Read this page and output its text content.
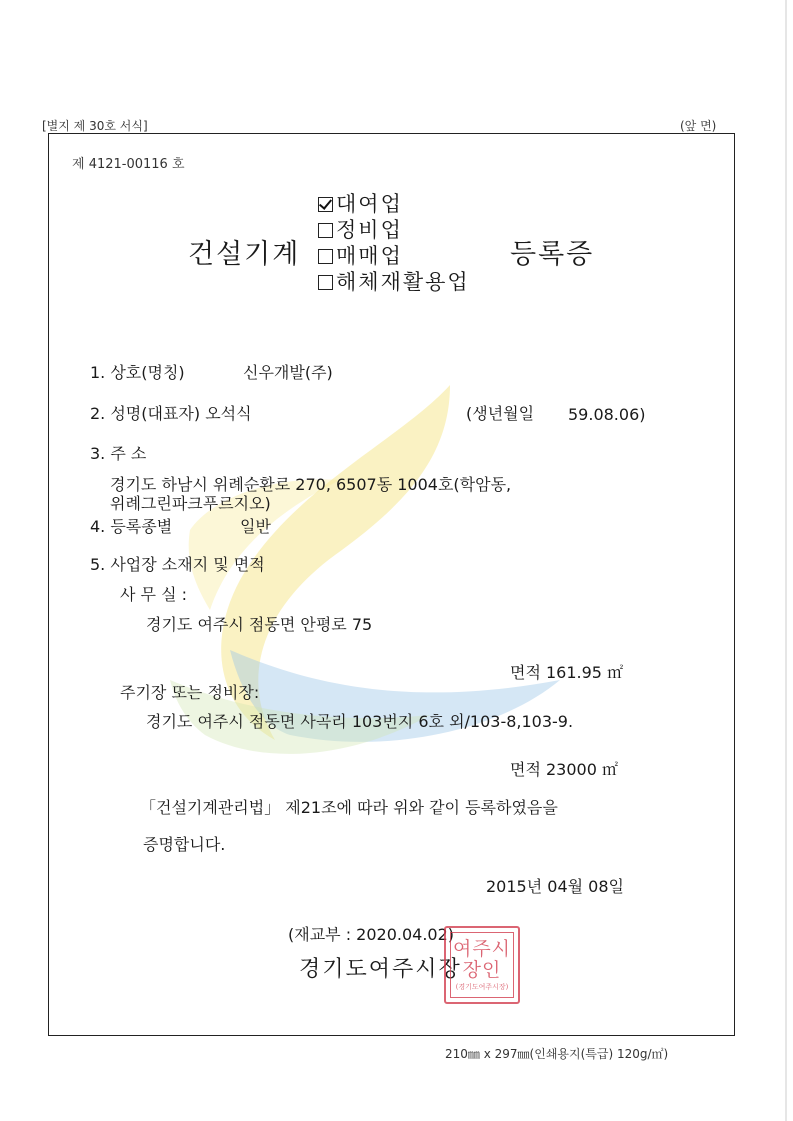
[별지 제 30호 서식]	(앞 면)
제 4121-00116 호
건설기계
대여업
정비업
매매업
해체재활용업
등록증
1. 상호(명칭)	신우개발(주)
2. 성명(대표자) 오석식	(생년월일 59.08.06)
3. 주 소
경기도 하남시 위례순환로 270, 6507동 1004호(학암동,
위례그린파크푸르지오)
4. 등록종별	일반
5. 사업장 소재지 및 면적
사 무 실 :
경기도 여주시 점동면 안평로 75
면적 161.95 ㎡
주기장 또는 정비장:
경기도 여주시 점동면 사곡리 103번지 6호 외/103-8,103-9.
면적 23000 ㎡
「건설기계관리법」 제21조에 따라 위와 같이 등록하였음을
증명합니다.
2015년 04월 08일
(재교부 : 2020.04.02)
경기도여주시장
여주시
장인
(경기도여주시장)
210㎜ x 297㎜(인쇄용지(특급) 120g/㎡)
